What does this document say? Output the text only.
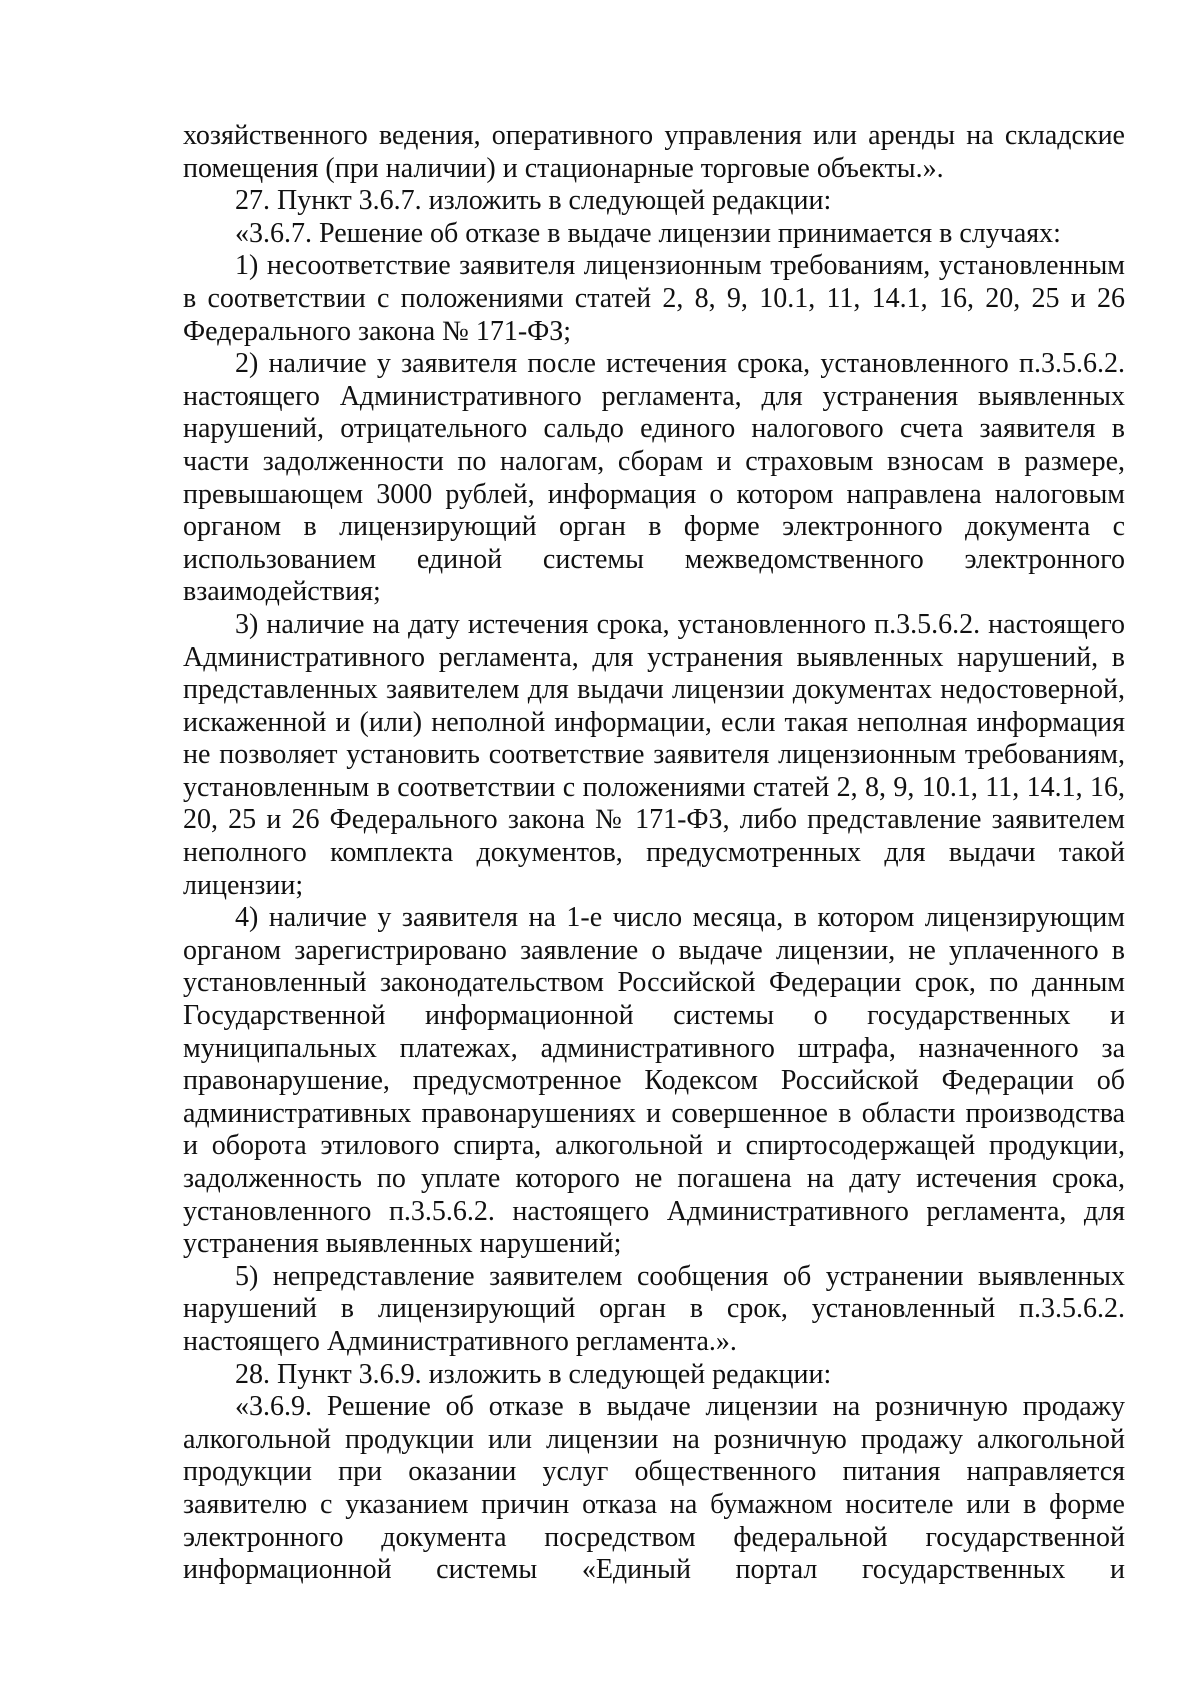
хозяйственного ведения, оперативного управления или аренды на складские помещения (при наличии) и стационарные торговые объекты.».

27. Пункт 3.6.7. изложить в следующей редакции:

«3.6.7. Решение об отказе в выдаче лицензии принимается в случаях:

1) несоответствие заявителя лицензионным требованиям, установленным в соответствии с положениями статей 2, 8, 9, 10.1, 11, 14.1, 16, 20, 25 и 26 Федерального закона № 171-ФЗ;

2) наличие у заявителя после истечения срока, установленного п.3.5.6.2. настоящего Административного регламента, для устранения выявленных нарушений, отрицательного сальдо единого налогового счета заявителя в части задолженности по налогам, сборам и страховым взносам в размере, превышающем 3000 рублей, информация о котором направлена налоговым органом в лицензирующий орган в форме электронного документа с использованием единой системы межведомственного электронного взаимодействия;

3) наличие на дату истечения срока, установленного п.3.5.6.2. настоящего Административного регламента, для устранения выявленных нарушений, в представленных заявителем для выдачи лицензии документах недостоверной, искаженной и (или) неполной информации, если такая неполная информация не позволяет установить соответствие заявителя лицензионным требованиям, установленным в соответствии с положениями статей 2, 8, 9, 10.1, 11, 14.1, 16, 20, 25 и 26 Федерального закона № 171-ФЗ, либо представление заявителем неполного комплекта документов, предусмотренных для выдачи такой лицензии;

4) наличие у заявителя на 1-е число месяца, в котором лицензирующим органом зарегистрировано заявление о выдаче лицензии, не уплаченного в установленный законодательством Российской Федерации срок, по данным Государственной информационной системы о государственных и муниципальных платежах, административного штрафа, назначенного за правонарушение, предусмотренное Кодексом Российской Федерации об административных правонарушениях и совершенное в области производства и оборота этилового спирта, алкогольной и спиртосодержащей продукции, задолженность по уплате которого не погашена на дату истечения срока, установленного п.3.5.6.2. настоящего Административного регламента, для устранения выявленных нарушений;

5) непредставление заявителем сообщения об устранении выявленных нарушений в лицензирующий орган в срок, установленный п.3.5.6.2. настоящего Административного регламента.».

28. Пункт 3.6.9. изложить в следующей редакции:

«3.6.9. Решение об отказе в выдаче лицензии на розничную продажу алкогольной продукции или лицензии на розничную продажу алкогольной продукции при оказании услуг общественного питания направляется заявителю с указанием причин отказа на бумажном носителе или в форме электронного документа посредством федеральной государственной информационной системы «Единый портал государственных и
